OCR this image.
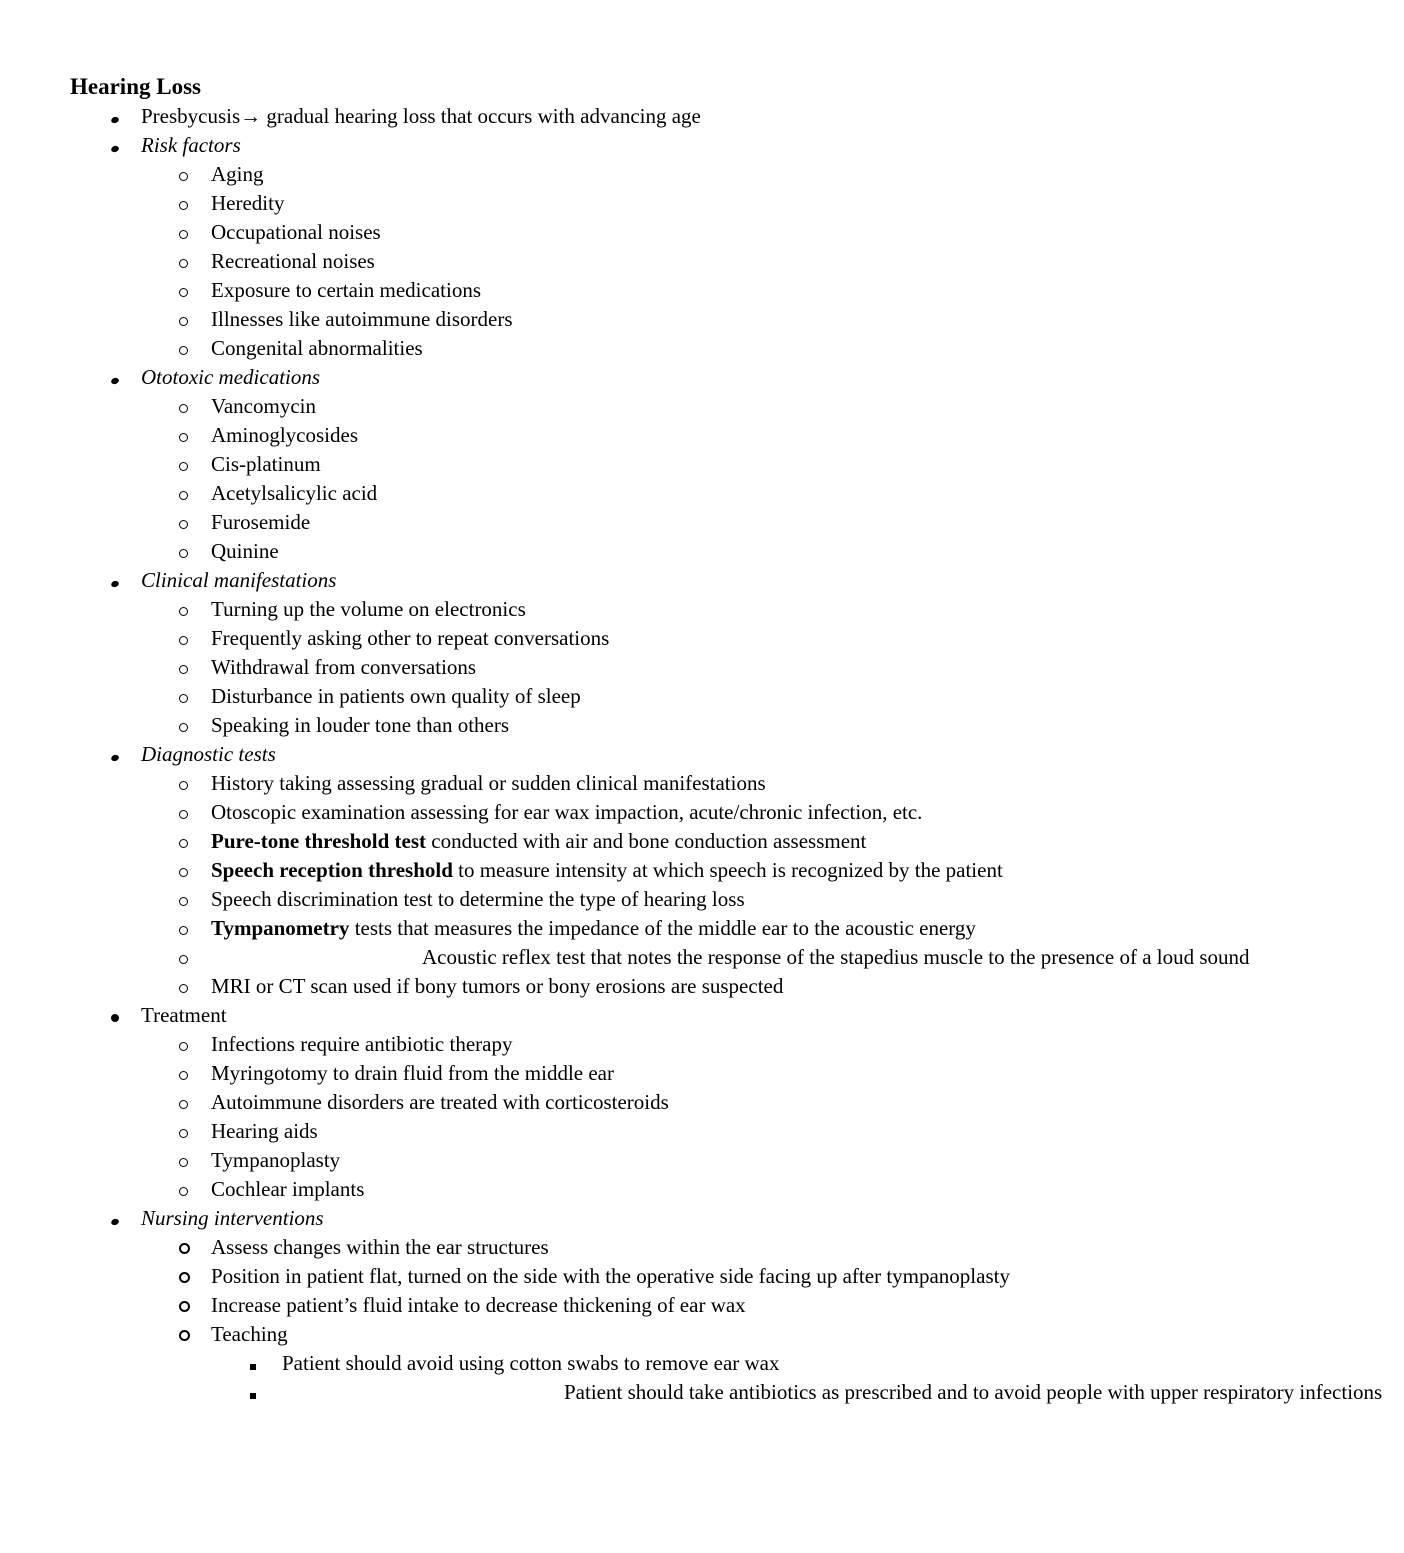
Hearing Loss
Presbycusis→ gradual hearing loss that occurs with advancing age
Risk factors
Aging
Heredity
Occupational noises
Recreational noises
Exposure to certain medications
Illnesses like autoimmune disorders
Congenital abnormalities
Ototoxic medications
Vancomycin
Aminoglycosides
Cis-platinum
Acetylsalicylic acid
Furosemide
Quinine
Clinical manifestations
Turning up the volume on electronics
Frequently asking other to repeat conversations
Withdrawal from conversations
Disturbance in patients own quality of sleep
Speaking in louder tone than others
Diagnostic tests
History taking assessing gradual or sudden clinical manifestations
Otoscopic examination assessing for ear wax impaction, acute/chronic infection, etc.
Pure-tone threshold test conducted with air and bone conduction assessment
Speech reception threshold to measure intensity at which speech is recognized by the patient
Speech discrimination test to determine the type of hearing loss
Tympanometry tests that measures the impedance of the middle ear to the acoustic energy
Acoustic reflex test that notes the response of the stapedius muscle to the presence of a loud sound
MRI or CT scan used if bony tumors or bony erosions are suspected
Treatment
Infections require antibiotic therapy
Myringotomy to drain fluid from the middle ear
Autoimmune disorders are treated with corticosteroids
Hearing aids
Tympanoplasty
Cochlear implants
Nursing interventions
Assess changes within the ear structures
Position in patient flat, turned on the side with the operative side facing up after tympanoplasty
Increase patient’s fluid intake to decrease thickening of ear wax
Teaching
Patient should avoid using cotton swabs to remove ear wax
Patient should take antibiotics as prescribed and to avoid people with upper respiratory infections
